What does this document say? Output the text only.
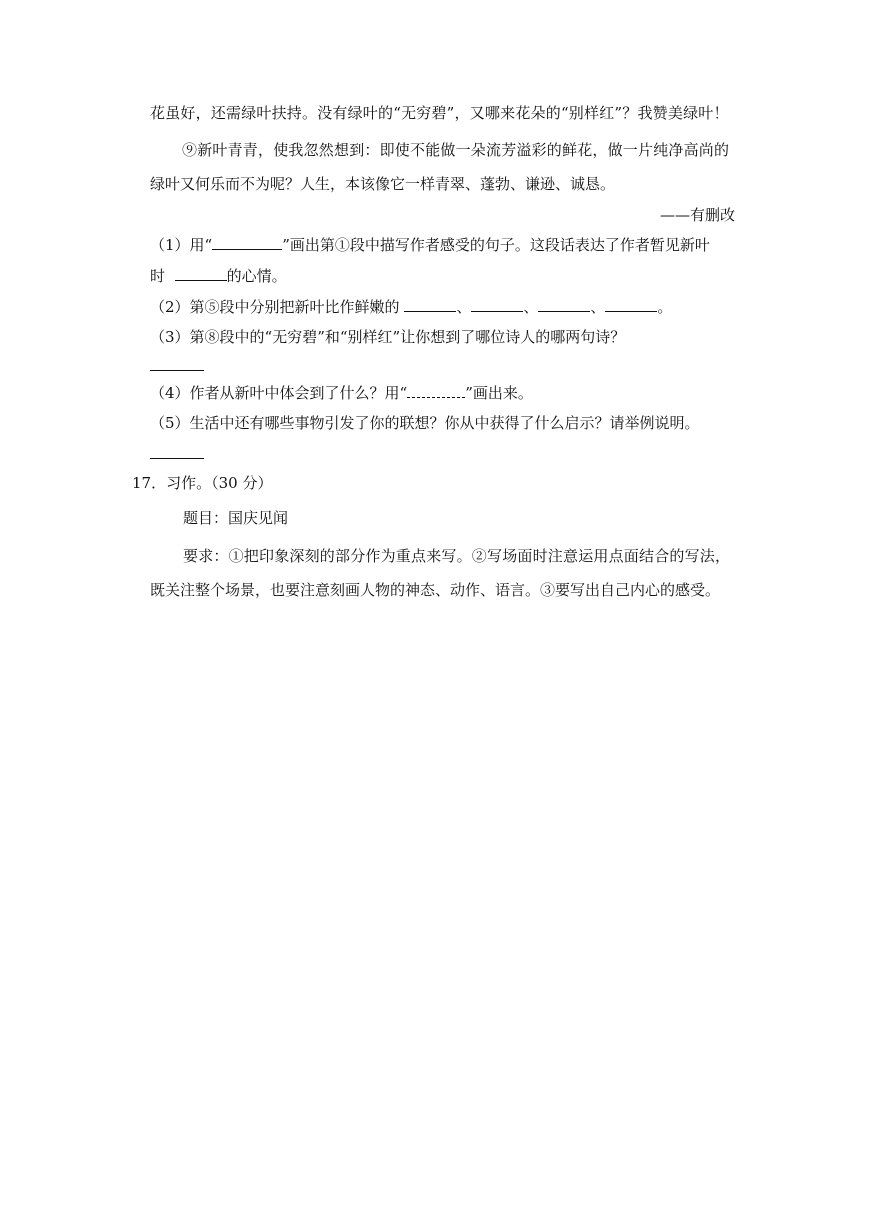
花虽好，还需绿叶扶持。没有绿叶的“无穷碧”，又哪来花朵的“别样红”？我赞美绿叶！
⑨新叶青青，使我忽然想到：即使不能做一朵流芳溢彩的鲜花，做一片纯净高尚的
绿叶又何乐而不为呢？人生，本该像它一样青翠、蓬勃、谦逊、诚恳。
——有删改
（1）用“	”画出第①段中描写作者感受的句子。这段话表达了作者暂见新叶
时	的心情。
（2）第⑤段中分别把新叶比作鲜嫩的	、	、	、	。
（3）第⑧段中的“无穷碧”和“别样红”让你想到了哪位诗人的哪两句诗？
（4）作者从新叶中体会到了什么？用“	”画出来。
（5）生活中还有哪些事物引发了你的联想？你从中获得了什么启示？请举例说明。
17．习作。（30 分）
题目：国庆见闻
要求：①把印象深刻的部分作为重点来写。②写场面时注意运用点面结合的写法，
既关注整个场景，也要注意刻画人物的神态、动作、语言。③要写出自己内心的感受。
